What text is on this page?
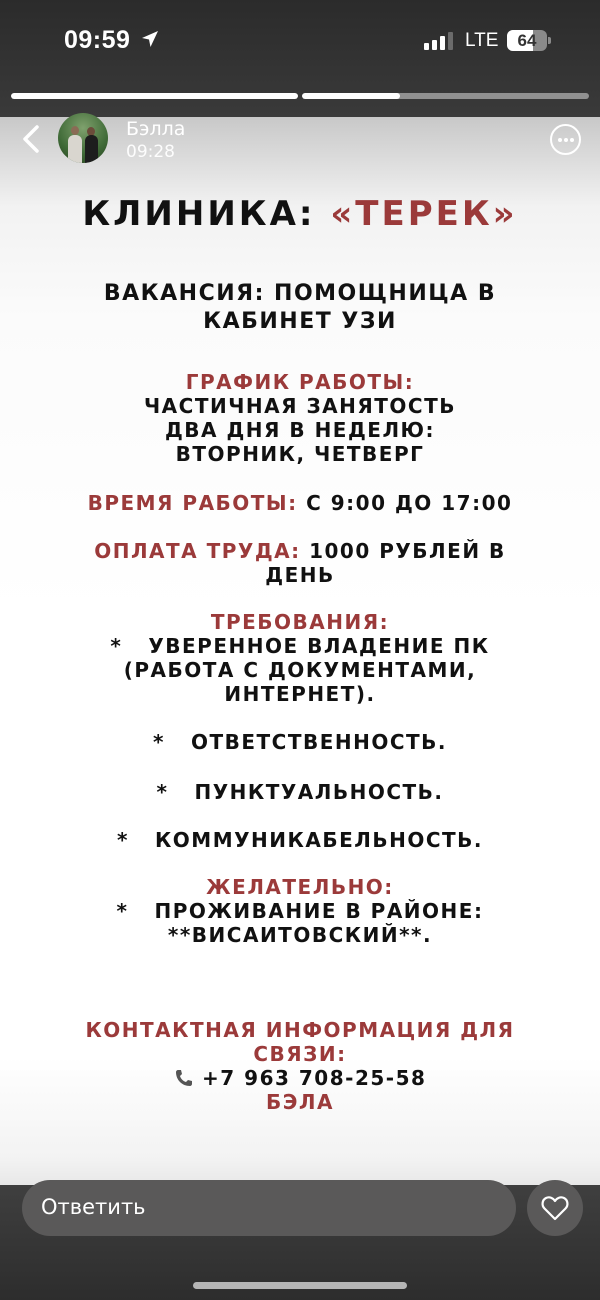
09:59	LTE	64
Бэлла
09:28
КЛИНИКА: «ТЕРЕК»
ВАКАНСИЯ: ПОМОЩНИЦА В КАБИНЕТ УЗИ
ГРАФИК РАБОТЫ:
ЧАСТИЧНАЯ ЗАНЯТОСТЬ
ДВА ДНЯ В НЕДЕЛЮ:
ВТОРНИК, ЧЕТВЕРГ
ВРЕМЯ РАБОТЫ: С 9:00 ДО 17:00
ОПЛАТА ТРУДА: 1000 РУБЛЕЙ В
ДЕНЬ
ТРЕБОВАНИЯ:
* УВЕРЕННОЕ ВЛАДЕНИЕ ПК
(РАБОТА С ДОКУМЕНТАМИ,
ИНТЕРНЕТ).
* ОТВЕТСТВЕННОСТЬ.
* ПУНКТУАЛЬНОСТЬ.
* КОММУНИКАБЕЛЬНОСТЬ.
ЖЕЛАТЕЛЬНО:
* ПРОЖИВАНИЕ В РАЙОНЕ:
**ВИСАИТОВСКИЙ**.
КОНТАКТНАЯ ИНФОРМАЦИЯ ДЛЯ
СВЯЗИ:
+7 963 708-25-58
БЭЛА
Ответить
